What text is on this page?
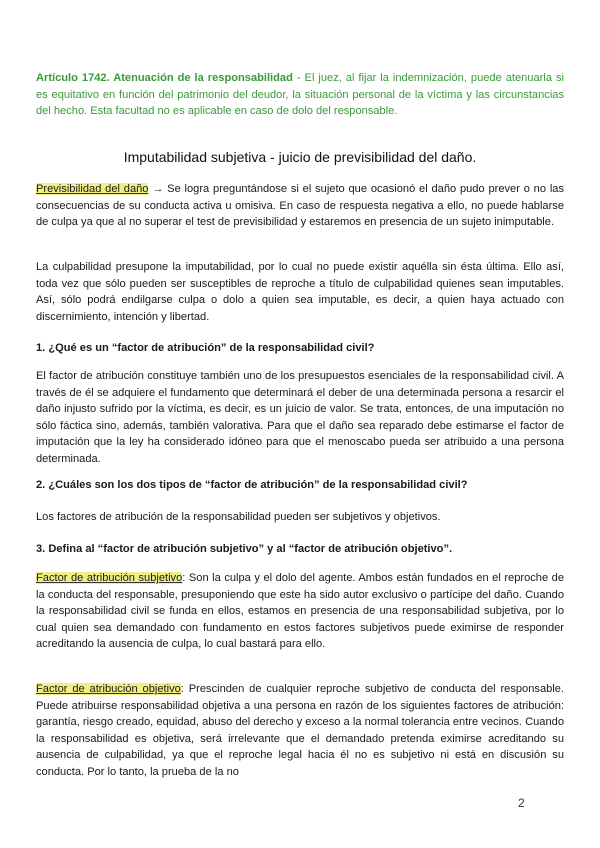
Artículo 1742. Atenuación de la responsabilidad - El juez, al fijar la indemnización, puede atenuarla si es equitativo en función del patrimonio del deudor, la situación personal de la víctima y las circunstancias del hecho. Esta facultad no es aplicable en caso de dolo del responsable.

Imputabilidad subjetiva - juicio de previsibilidad del daño.

Previsibilidad del daño → Se logra preguntándose si el sujeto que ocasionó el daño pudo prever o no las consecuencias de su conducta activa u omisiva. En caso de respuesta negativa a ello, no puede hablarse de culpa ya que al no superar el test de previsibilidad y estaremos en presencia de un sujeto inimputable.

La culpabilidad presupone la imputabilidad, por lo cual no puede existir aquélla sin ésta última. Ello así, toda vez que sólo pueden ser susceptibles de reproche a título de culpabilidad quienes sean imputables. Así, sólo podrá endilgarse culpa o dolo a quien sea imputable, es decir, a quien haya actuado con discernimiento, intención y libertad.

1. ¿Qué es un “factor de atribución” de la responsabilidad civil?

El factor de atribución constituye también uno de los presupuestos esenciales de la responsabilidad civil. A través de él se adquiere el fundamento que determinará el deber de una determinada persona a resarcir el daño injusto sufrido por la víctima, es decir, es un juicio de valor. Se trata, entonces, de una imputación no sólo fáctica sino, además, también valorativa. Para que el daño sea reparado debe estimarse el factor de imputación que la ley ha considerado idóneo para que el menoscabo pueda ser atribuido a una persona determinada.

2. ¿Cuáles son los dos tipos de “factor de atribución” de la responsabilidad civil?

Los factores de atribución de la responsabilidad pueden ser subjetivos y objetivos.

3. Defina al “factor de atribución subjetivo” y al “factor de atribución objetivo”.

Factor de atribución subjetivo: Son la culpa y el dolo del agente. Ambos están fundados en el reproche de la conducta del responsable, presuponiendo que este ha sido autor exclusivo o partícipe del daño. Cuando la responsabilidad civil se funda en ellos, estamos en presencia de una responsabilidad subjetiva, por lo cual quien sea demandado con fundamento en estos factores subjetivos puede eximirse de responder acreditando la ausencia de culpa, lo cual bastará para ello.

Factor de atribución objetivo: Prescinden de cualquier reproche subjetivo de conducta del responsable. Puede atribuirse responsabilidad objetiva a una persona en razón de los siguientes factores de atribución: garantía, riesgo creado, equidad, abuso del derecho y exceso a la normal tolerancia entre vecinos. Cuando la responsabilidad es objetiva, será irrelevante que el demandado pretenda eximirse acreditando su ausencia de culpabilidad, ya que el reproche legal hacia él no es subjetivo ni está en discusión su conducta. Por lo tanto, la prueba de la no

2
